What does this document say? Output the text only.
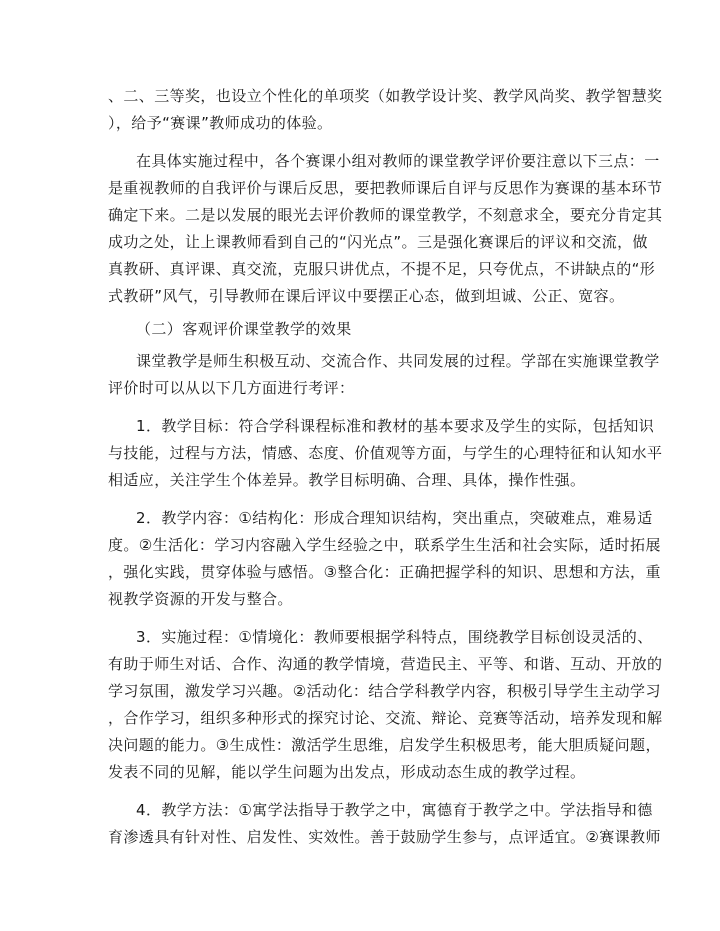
、二、三等奖，也设立个性化的单项奖（如教学设计奖、教学风尚奖、教学智慧奖
），给予“赛课”教师成功的体验。
在具体实施过程中，各个赛课小组对教师的课堂教学评价要注意以下三点：一
是重视教师的自我评价与课后反思，要把教师课后自评与反思作为赛课的基本环节
确定下来。二是以发展的眼光去评价教师的课堂教学，不刻意求全，要充分肯定其
成功之处，让上课教师看到自己的“闪光点”。三是强化赛课后的评议和交流，做
真教研、真评课、真交流，克服只讲优点，不提不足，只夸优点，不讲缺点的“形
式教研”风气，引导教师在课后评议中要摆正心态，做到坦诚、公正、宽容。
（二）客观评价课堂教学的效果
课堂教学是师生积极互动、交流合作、共同发展的过程。学部在实施课堂教学
评价时可以从以下几方面进行考评：
1．教学目标：符合学科课程标准和教材的基本要求及学生的实际，包括知识
与技能，过程与方法，情感、态度、价值观等方面，与学生的心理特征和认知水平
相适应，关注学生个体差异。教学目标明确、合理、具体，操作性强。
2．教学内容：①结构化：形成合理知识结构，突出重点，突破难点，难易适
度。②生活化：学习内容融入学生经验之中，联系学生生活和社会实际，适时拓展
，强化实践，贯穿体验与感悟。③整合化：正确把握学科的知识、思想和方法，重
视教学资源的开发与整合。
3．实施过程：①情境化：教师要根据学科特点，围绕教学目标创设灵活的、
有助于师生对话、合作、沟通的教学情境，营造民主、平等、和谐、互动、开放的
学习氛围，激发学习兴趣。②活动化：结合学科教学内容，积极引导学生主动学习
，合作学习，组织多种形式的探究讨论、交流、辩论、竞赛等活动，培养发现和解
决问题的能力。③生成性：激活学生思维，启发学生积极思考，能大胆质疑问题，
发表不同的见解，能以学生问题为出发点，形成动态生成的教学过程。
4．教学方法：①寓学法指导于教学之中，寓德育于教学之中。学法指导和德
育渗透具有针对性、启发性、实效性。善于鼓励学生参与，点评适宜。②赛课教师
